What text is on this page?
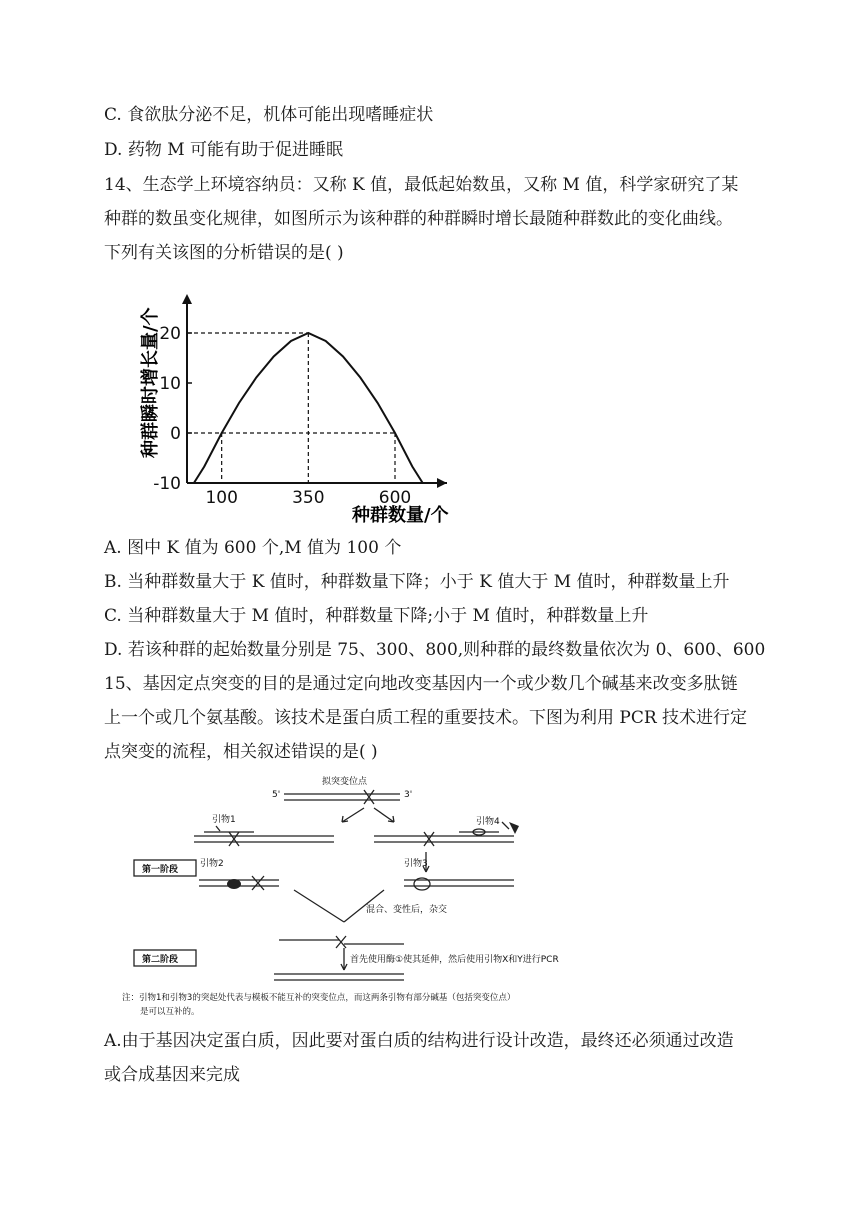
C. 食欲肽分泌不足，机体可能出现嗜睡症状
D. 药物 M 可能有助于促进睡眠
14、生态学上环境容纳员：又称 K 值，最低起始数虽，又称 M 值，科学家研究了某
种群的数虽变化规律，如图所示为该种群的种群瞬时增长最随种群数此的变化曲线。
下列有关该图的分析错误的是( )
-10
0
10
20
100	350	600
种群瞬时增长量/个
种群数量/个
A. 图中 K 值为 600 个,M 值为 100 个
B. 当种群数量大于 K 值时，种群数量下降；小于 K 值大于 M 值时，种群数量上升
C. 当种群数量大于 M 值时，种群数量下降;小于 M 值时，种群数量上升
D. 若该种群的起始数量分别是 75、300、800,则种群的最终数量依次为 0、600、600
15、基因定点突变的目的是通过定向地改变基因内一个或少数几个碱基来改变多肽链
上一个或几个氨基酸。该技术是蛋白质工程的重要技术。下图为利用 PCR 技术进行定
点突变的流程，相关叙述错误的是( )
拟突变位点
5'	3'
引物1	引物4
引物2	引物3
第一阶段
第二阶段
混合、变性后，杂交
首先使用酶①使其延伸，然后使用引物X和Y进行PCR
注：引物1和引物3的突起处代表与模板不能互补的突变位点，而这两条引物有部分碱基（包括突变位点）
是可以互补的。
A.由于基因决定蛋白质，因此要对蛋白质的结构进行设计改造，最终还必须通过改造
或合成基因来完成
